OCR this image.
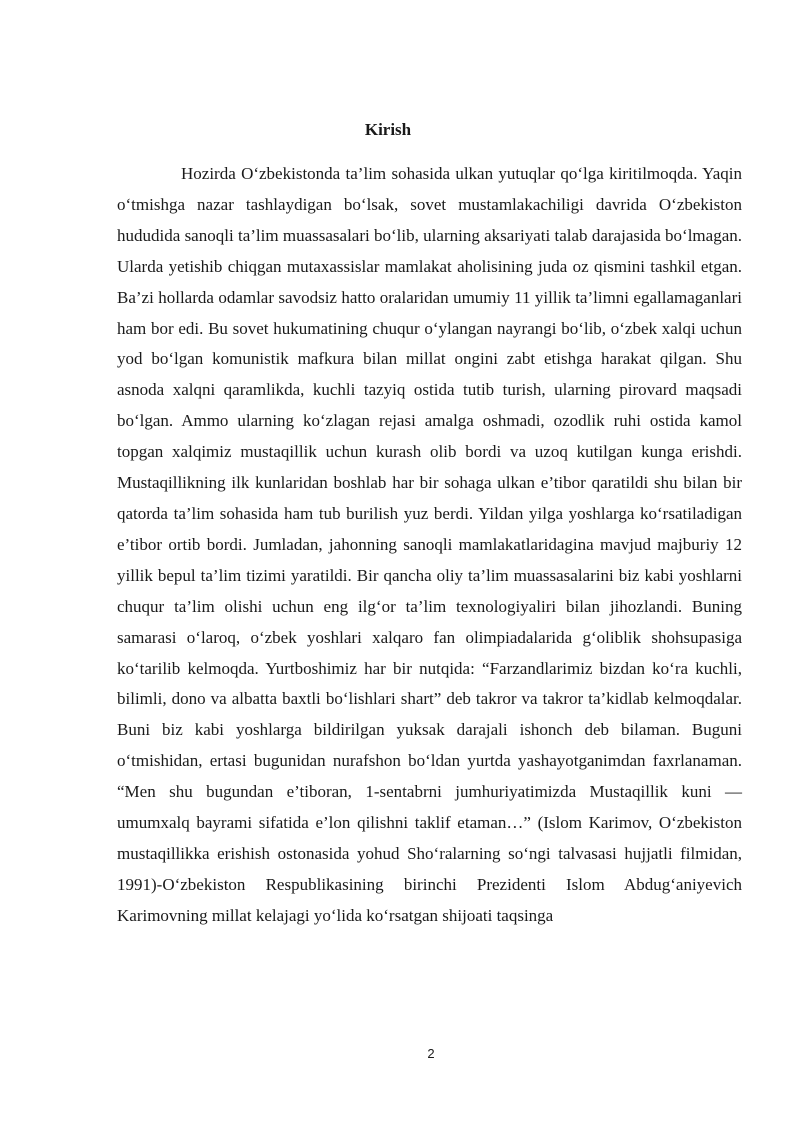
Kirish

Hozirda O‘zbekistonda ta’lim sohasida ulkan yutuqlar qo‘lga kiritilmoqda. Yaqin o‘tmishga nazar tashlaydigan bo‘lsak, sovet mustamlakachiligi davrida O‘zbekiston hududida sanoqli ta’lim muassasalari bo‘lib, ularning aksariyati talab darajasida bo‘lmagan. Ularda yetishib chiqgan mutaxassislar mamlakat aholisining juda oz qismini tashkil etgan. Ba’zi hollarda odamlar savodsiz hatto oralaridan umumiy 11 yillik ta’limni egallamaganlari ham bor edi. Bu sovet hukumatining chuqur o‘ylangan nayrangi bo‘lib, o‘zbek xalqi uchun yod bo‘lgan komunistik mafkura bilan millat ongini zabt etishga harakat qilgan. Shu asnoda xalqni qaramlikda, kuchli tazyiq ostida tutib turish, ularning pirovard maqsadi bo‘lgan. Ammo ularning ko‘zlagan rejasi amalga oshmadi, ozodlik ruhi ostida kamol topgan xalqimiz mustaqillik uchun kurash olib bordi va uzoq kutilgan kunga erishdi. Mustaqillikning ilk kunlaridan boshlab har bir sohaga ulkan e’tibor qaratildi shu bilan bir qatorda ta’lim sohasida ham tub burilish yuz berdi. Yildan yilga yoshlarga ko‘rsatiladigan e’tibor ortib bordi. Jumladan, jahonning sanoqli mamlakatlaridagina mavjud majburiy 12 yillik bepul ta’lim tizimi yaratildi. Bir qancha oliy ta’lim muassasalarini biz kabi yoshlarni chuqur ta’lim olishi uchun eng ilg‘or ta’lim texnologiyaliri bilan jihozlandi. Buning samarasi o‘laroq, o‘zbek yoshlari xalqaro fan olimpiadalarida g‘oliblik shohsupasiga ko‘tarilib kelmoqda. Yurtboshimiz har bir nutqida: “Farzandlarimiz bizdan ko‘ra kuchli, bilimli, dono va albatta baxtli bo‘lishlari shart” deb takror va takror ta’kidlab kelmoqdalar. Buni biz kabi yoshlarga bildirilgan yuksak darajali ishonch deb bilaman. Buguni o‘tmishidan, ertasi bugunidan nurafshon bo‘ldan yurtda yashayotganimdan faxrlanaman. “Men shu bugundan e’tiboran, 1-sentabrni jumhuriyatimizda Mustaqillik kuni — umumxalq bayrami sifatida e’lon qilishni taklif etaman…” (Islom Karimov, O‘zbekiston mustaqillikka erishish ostonasida yohud Sho‘ralarning so‘ngi talvasasi hujjatli filmidan, 1991)-O‘zbekiston Respublikasining birinchi Prezidenti Islom Abdug‘aniyevich Karimovning millat kelajagi yo‘lida ko‘rsatgan shijoati taqsinga

2
